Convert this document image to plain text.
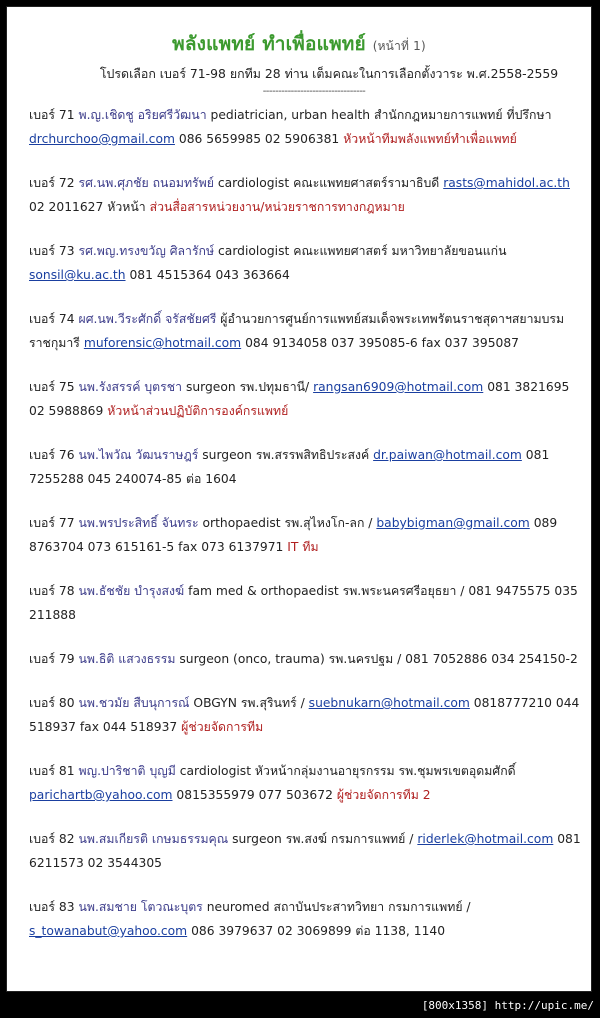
พลังแพทย์ ทำเพื่อแพทย์ (หน้าที่ 1)
โปรดเลือก เบอร์ 71-98 ยกทีม 28 ท่าน เต็มคณะในการเลือกตั้งวาระ พ.ศ.2558-2559
---------------------------------
เบอร์ 71 พ.ญ.เชิดชู อริยศรีวัฒนา pediatrician, urban health สำนักกฎหมายการแพทย์ ที่ปรึกษา drchurchoo@gmail.com 086 5659985 02 5906381 หัวหน้าทีมพลังแพทย์ทำเพื่อแพทย์
เบอร์ 72 รศ.นพ.ศุภชัย ถนอมทรัพย์ cardiologist คณะแพทยศาสตร์รามาธิบดี rasts@mahidol.ac.th 02 2011627 หัวหน้า ส่วนสื่อสารหน่วยงาน/หน่วยราชการทางกฎหมาย
เบอร์ 73 รศ.พญ.ทรงขวัญ ศิลารักษ์ cardiologist คณะแพทยศาสตร์ มหาวิทยาลัยขอนแก่น sonsil@ku.ac.th 081 4515364 043 363664
เบอร์ 74 ผศ.นพ.วีระศักดิ์ จรัสชัยศรี ผู้อำนวยการศูนย์การแพทย์สมเด็จพระเทพรัตนราชสุดาฯสยามบรมราชกุมารี muforensic@hotmail.com 084 9134058 037 395085-6 fax 037 395087
เบอร์ 75 นพ.รังสรรค์ บุตรชา surgeon รพ.ปทุมธานี/ rangsan6909@hotmail.com 081 3821695 02 5988869 หัวหน้าส่วนปฏิบัติการองค์กรแพทย์
เบอร์ 76 นพ.ไพวัณ วัฒนราษฎร์ surgeon รพ.สรรพสิทธิประสงค์ dr.paiwan@hotmail.com 081 7255288 045 240074-85 ต่อ 1604
เบอร์ 77 นพ.พรประสิทธิ์ จันทระ orthopaedist รพ.สุไหงโก-ลก / babybigman@gmail.com 089 8763704 073 615161-5 fax 073 6137971 IT ทีม
เบอร์ 78 นพ.ธัชชัย บำรุงสงฆ์ fam med & orthopaedist รพ.พระนครศรีอยุธยา / 081 9475575 035 211888
เบอร์ 79 นพ.ธิติ แสวงธรรม surgeon (onco, trauma) รพ.นครปฐม / 081 7052886 034 254150-2
เบอร์ 80 นพ.ชวมัย สืบนุการณ์ OBGYN รพ.สุรินทร์ / suebnukarn@hotmail.com 0818777210 044 518937 fax 044 518937 ผู้ช่วยจัดการทีม
เบอร์ 81 พญ.ปาริชาติ บุญมี cardiologist หัวหน้ากลุ่มงานอายุรกรรม รพ.ชุมพรเขตอุดมศักดิ์ parichartb@yahoo.com 0815355979 077 503672 ผู้ช่วยจัดการทีม 2
เบอร์ 82 นพ.สมเกียรติ เกษมธรรมคุณ surgeon รพ.สงฆ์ กรมการแพทย์ / riderlek@hotmail.com 081 6211573 02 3544305
เบอร์ 83 นพ.สมชาย โตวณะบุตร neuromed สถาบันประสาทวิทยา กรมการแพทย์ / s_towanabut@yahoo.com 086 3979637 02 3069899 ต่อ 1138, 1140
[800x1358] http://upic.me/
